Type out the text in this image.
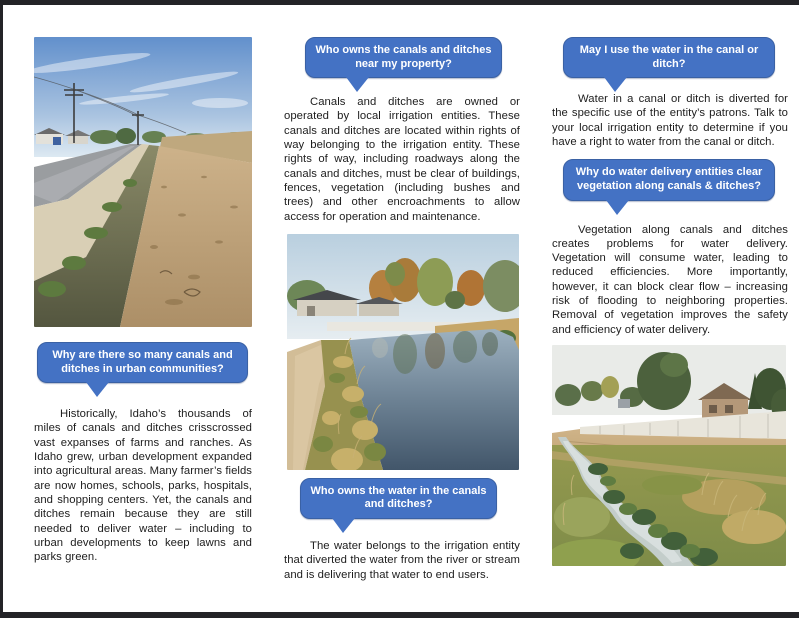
Why are there so many canals and ditches in urban communities?

Historically, Idaho’s thousands of miles of canals and ditches crisscrossed vast expanses of farms and ranches. As Idaho grew, urban development expanded into agricultural areas. Many farmer’s fields are now homes, schools, parks, hospitals, and shopping centers. Yet, the canals and ditches remain because they are still needed to deliver water – including to urban developments to keep lawns and parks green.

Who owns the canals and ditches near my property?

Canals and ditches are owned or operated by local irrigation entities. These canals and ditches are located within rights of way belonging to the irrigation entity. These rights of way, including roadways along the canals and ditches, must be clear of buildings, fences, vegetation (including bushes and trees) and other encroachments to allow access for operation and maintenance.

Who owns the water in the canals and ditches?

The water belongs to the irrigation entity that diverted the water from the river or stream and is delivering that water to end users.

May I use the water in the canal or ditch?

Water in a canal or ditch is diverted for the specific use of the entity’s patrons. Talk to your local irrigation entity to determine if you have a right to water from the canal or ditch.

Why do water delivery entities clear vegetation along canals & ditches?

Vegetation along canals and ditches creates problems for water delivery. Vegetation will consume water, leading to reduced efficiencies. More importantly, however, it can block clear flow – increasing risk of flooding to neighboring properties. Removal of vegetation improves the safety and efficiency of water delivery.
